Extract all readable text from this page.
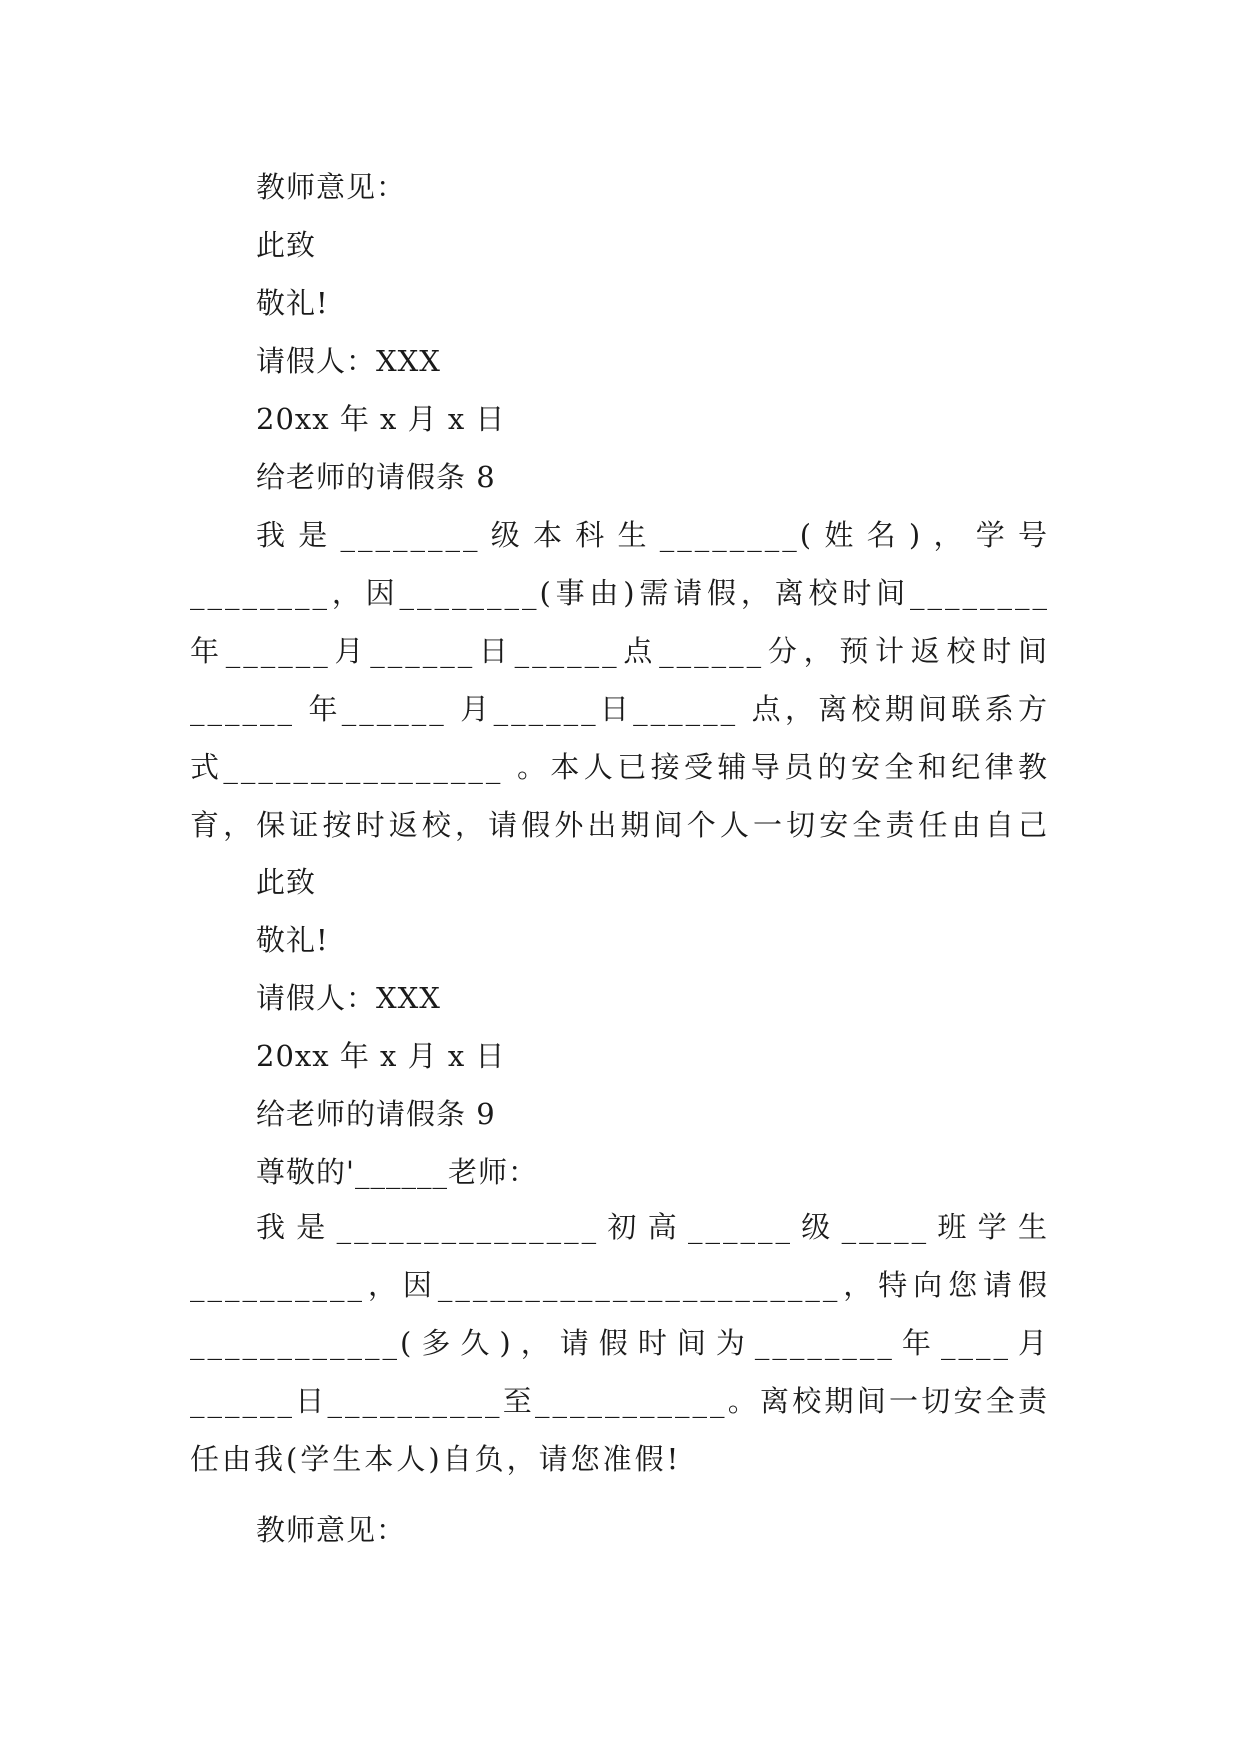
教师意见：
此致
敬礼!
请假人：XXX
20xx 年 x 月 x 日
给老师的请假条 8

我是________级本科生________(姓名)，学号 ________，因________(事由)需请假，离校时间________年______月______日______点______分，预计返校时间______ 年______ 月______日______ 点，离校期间联系方式________________ 。本人已接受辅导员的安全和纪律教育，保证按时返校，请假外出期间个人一切安全责任由自己

此致
敬礼!
请假人：XXX
20xx 年 x 月 x 日
给老师的请假条 9
尊敬的'______老师：

我是_______________初高______级_____班学生__________，因_______________________，特向您请假____________(多久)，请假时间为________年____月______日__________至___________。离校期间一切安全责任由我(学生本人)自负，请您准假!

教师意见：
